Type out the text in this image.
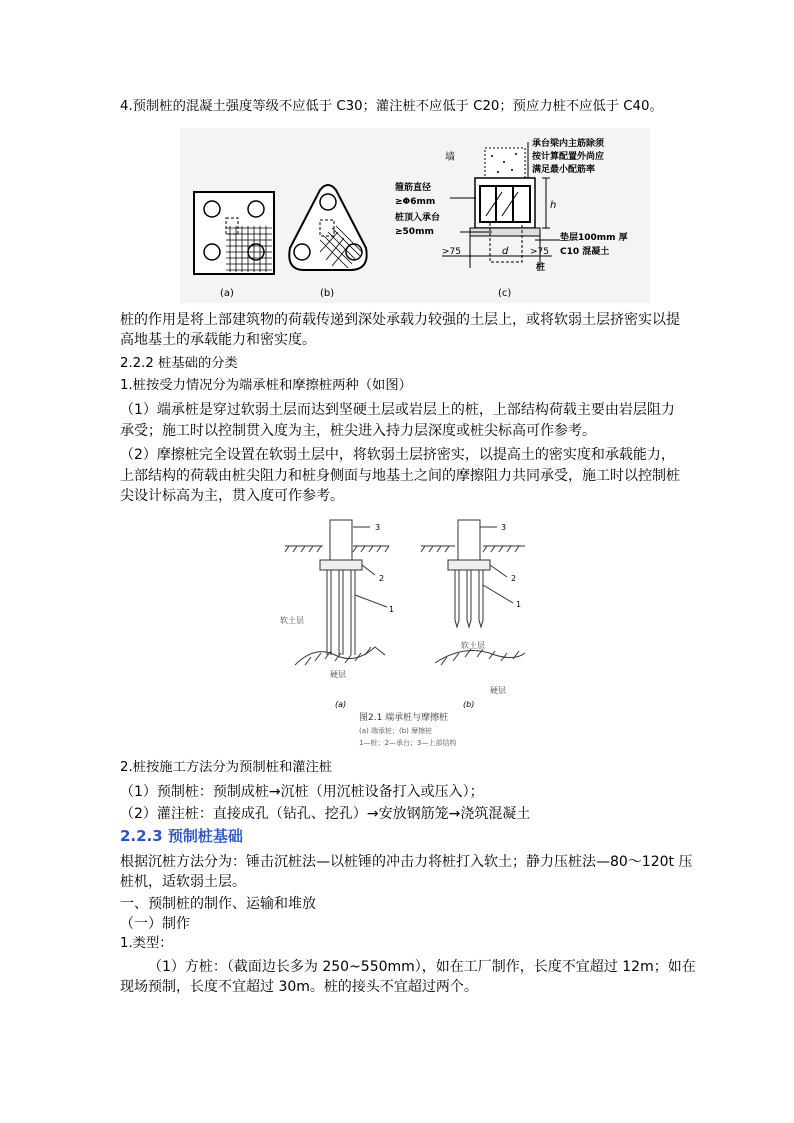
4.预制桩的混凝土强度等级不应低于 C30；灌注桩不应低于 C20；预应力桩不应低于 C40。
(a)	(b)
墙
承台梁内主筋除须
按计算配置外尚应
满足最小配筋率
箍筋直径
≥Φ6mm
桩顶入承台
≥50mm
h
>75	d >75
垫层100mm 厚
C10 混凝土
桩
(c)
桩的作用是将上部建筑物的荷载传递到深处承载力较强的土层上，或将软弱土层挤密实以提
高地基土的承载能力和密实度。
2.2.2 桩基础的分类
1.桩按受力情况分为端承桩和摩擦桩两种（如图）
（1）端承桩是穿过软弱土层而达到坚硬土层或岩层上的桩，上部结构荷载主要由岩层阻力
承受；施工时以控制贯入度为主，桩尖进入持力层深度或桩尖标高可作参考。
（2）摩擦桩完全设置在软弱土层中，将软弱土层挤密实，以提高土的密实度和承载能力，
上部结构的荷载由桩尖阻力和桩身侧面与地基土之间的摩擦阻力共同承受，施工时以控制桩
尖设计标高为主，贯入度可作参考。
3
2
1
软土层
硬层
(a)
3
2
1
软土层
硬层
(b)
图2.1 端承桩与摩擦桩
(a) 端承桩；(b) 摩擦桩
1—桩；2—承台；3—上部结构
2.桩按施工方法分为预制桩和灌注桩
（1）预制桩：预制成桩→沉桩（用沉桩设备打入或压入）；
（2）灌注桩：直接成孔（钻孔、挖孔）→安放钢筋笼→浇筑混凝土
2.2.3 预制桩基础
根据沉桩方法分为：锤击沉桩法—以桩锤的冲击力将桩打入软土；静力压桩法—80～120t 压
桩机，适软弱土层。
一、预制桩的制作、运输和堆放
（一）制作
1.类型：
（1）方桩：（截面边长多为 250~550mm），如在工厂制作，长度不宜超过 12m；如在
现场预制，长度不宜超过 30m。桩的接头不宜超过两个。
